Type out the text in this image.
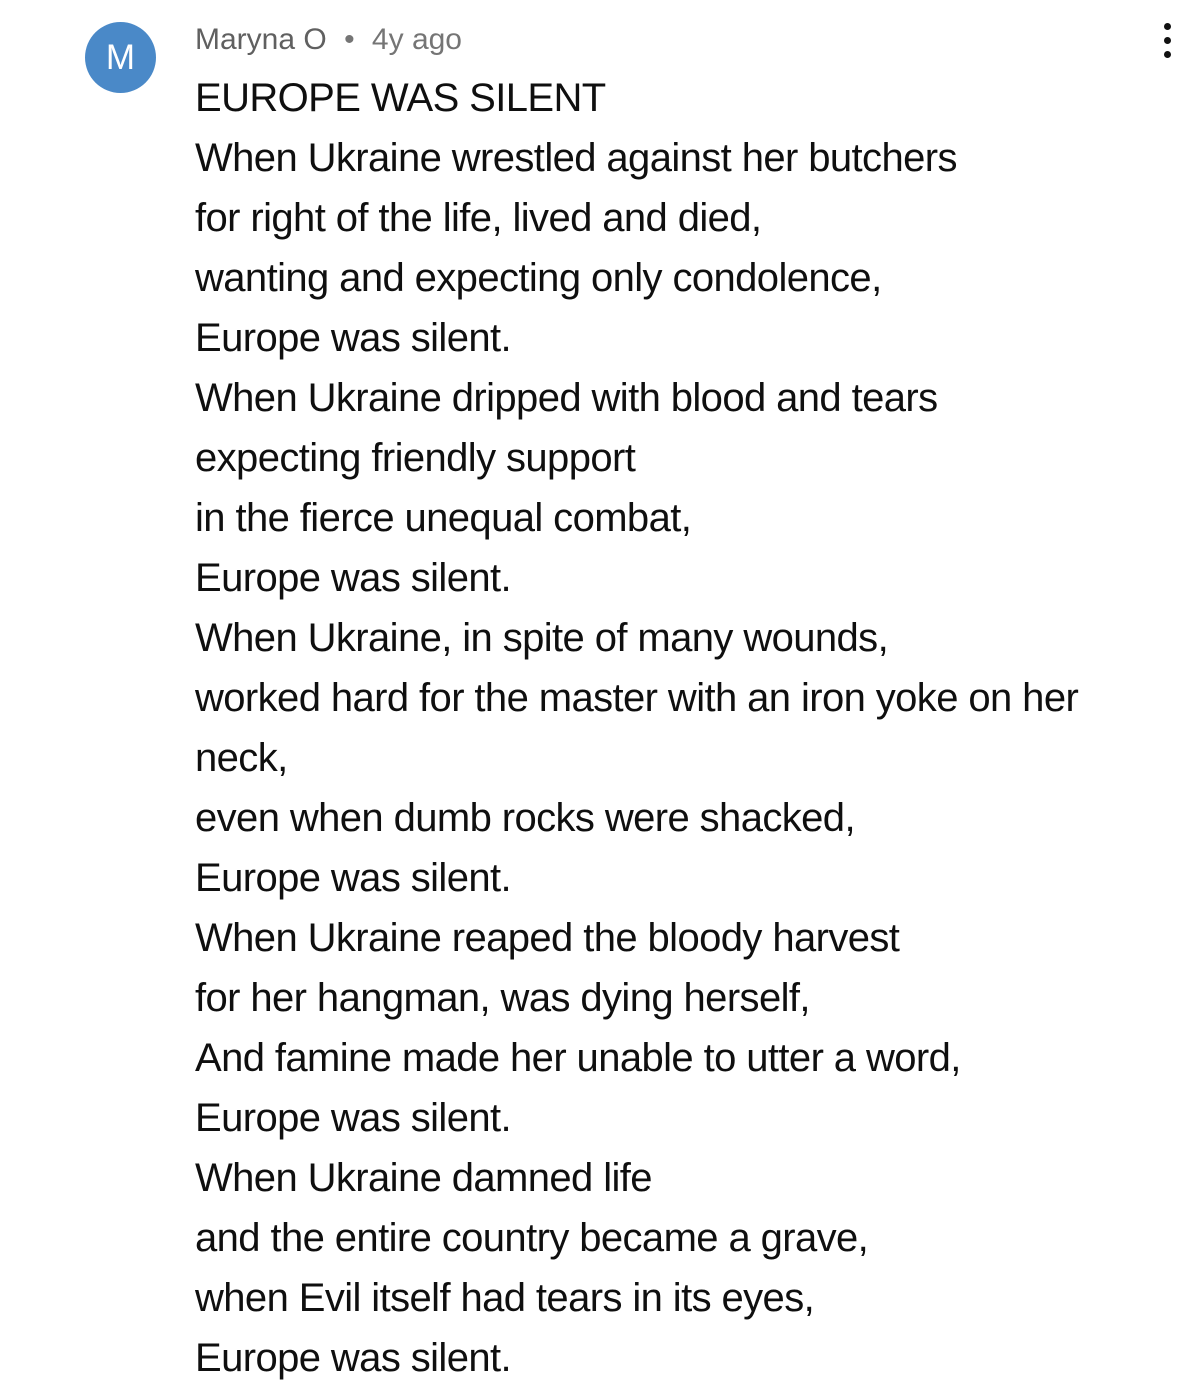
M Maryna O • 4y ago
EUROPE WAS SILENT
When Ukraine wrestled against her butchers
for right of the life, lived and died,
wanting and expecting only condolence,
Europe was silent.
When Ukraine dripped with blood and tears
expecting friendly support
in the fierce unequal combat,
Europe was silent.
When Ukraine, in spite of many wounds,
worked hard for the master with an iron yoke on her
neck,
even when dumb rocks were shacked,
Europe was silent.
When Ukraine reaped the bloody harvest
for her hangman, was dying herself,
And famine made her unable to utter a word,
Europe was silent.
When Ukraine damned life
and the entire country became a grave,
when Evil itself had tears in its eyes,
Europe was silent.
